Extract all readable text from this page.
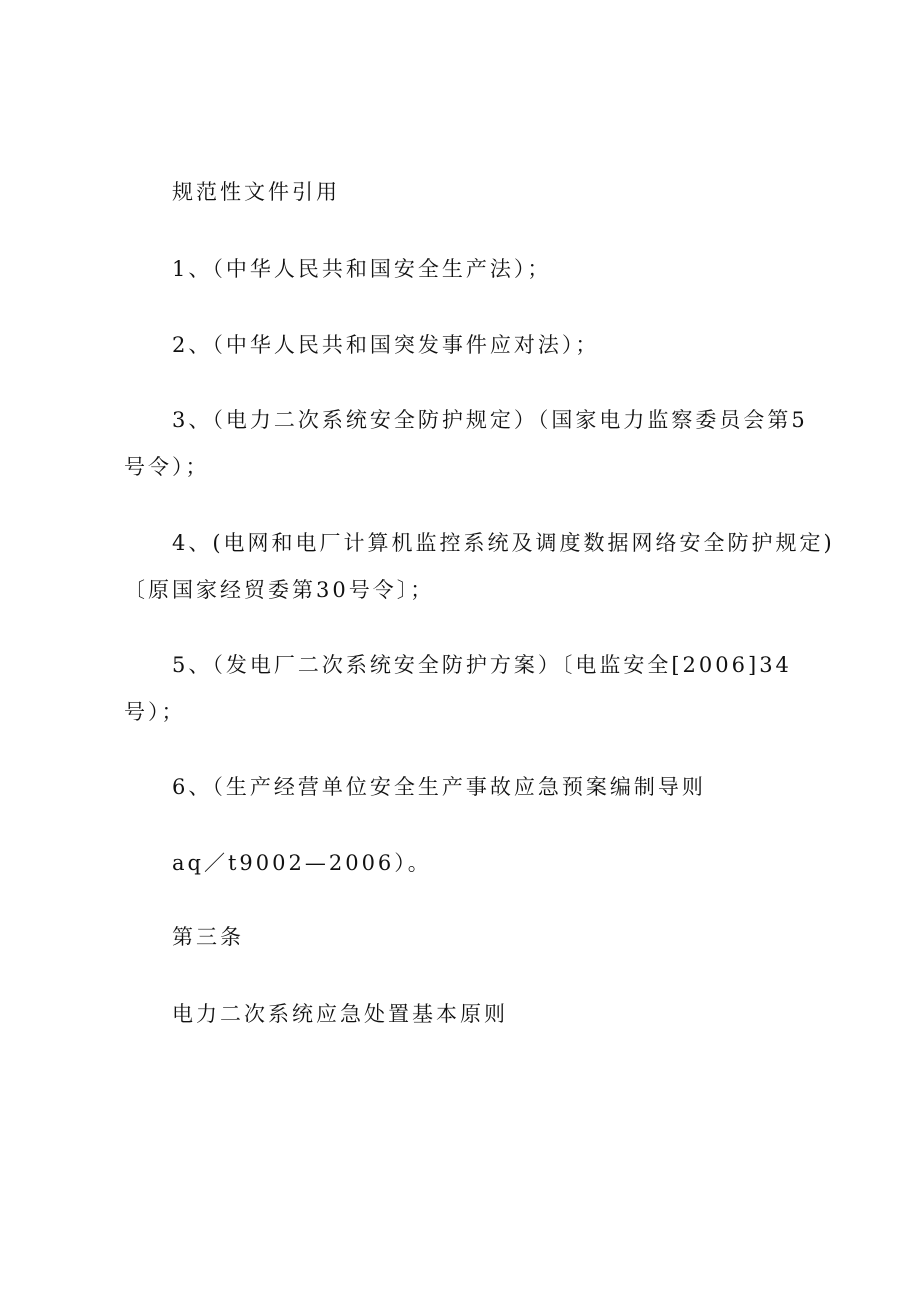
规范性文件引用
1、（中华人民共和国安全生产法）；
2、（中华人民共和国突发事件应对法）；
3、（电力二次系统安全防护规定）（国家电力监察委员会第5
号令）；
4、(电网和电厂计算机监控系统及调度数据网络安全防护规定)
〔原国家经贸委第30号令〕；
5、（发电厂二次系统安全防护方案）〔电监安全[2006]34
号）；
6、（生产经营单位安全生产事故应急预案编制导则
aq／t9002—2006）。
第三条
电力二次系统应急处置基本原则
